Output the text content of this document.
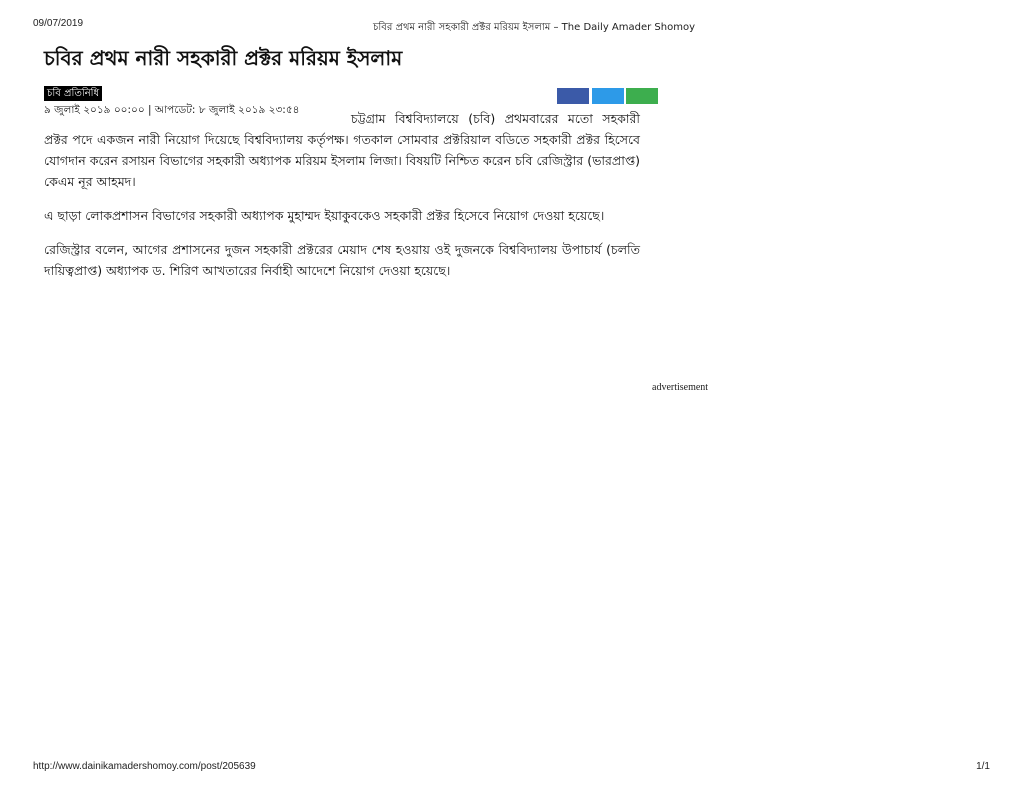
09/07/2019	চবির প্রথম নারী সহকারী প্রক্টর মরিয়ম ইসলাম – The Daily Amader Shomoy
চবির প্রথম নারী সহকারী প্রক্টর মরিয়ম ইসলাম
চবি প্রতিনিধি
৯ জুলাই ২০১৯ ০০:০০ | আপডেট: ৮ জুলাই ২০১৯ ২৩:৫৪

চট্টগ্রাম বিশ্ববিদ্যালয়ে (চবি) প্রথমবারের মতো সহকারী প্রক্টর পদে একজন নারী নিয়োগ দিয়েছে বিশ্ববিদ্যালয় কর্তৃপক্ষ। গতকাল সোমবার প্রক্টরিয়াল বডিতে সহকারী প্রক্টর হিসেবে যোগদান করেন রসায়ন বিভাগের সহকারী অধ্যাপক মরিয়ম ইসলাম লিজা। বিষয়টি নিশ্চিত করেন চবি রেজিস্ট্রার (ভারপ্রাপ্ত) কেএম নূর আহমদ।

এ ছাড়া লোকপ্রশাসন বিভাগের সহকারী অধ্যাপক মুহাম্মদ ইয়াকুবকেও সহকারী প্রক্টর হিসেবে নিয়োগ দেওয়া হয়েছে।

রেজিস্ট্রার বলেন, আগের প্রশাসনের দুজন সহকারী প্রক্টরের মেয়াদ শেষ হওয়ায় ওই দুজনকে বিশ্ববিদ্যালয় উপাচার্য (চলতি দায়িত্বপ্রাপ্ত) অধ্যাপক ড. শিরিণ আখতারের নির্বাহী আদেশে নিয়োগ দেওয়া হয়েছে।

advertisement
http://www.dainikamadershomoy.com/post/205639	1/1
